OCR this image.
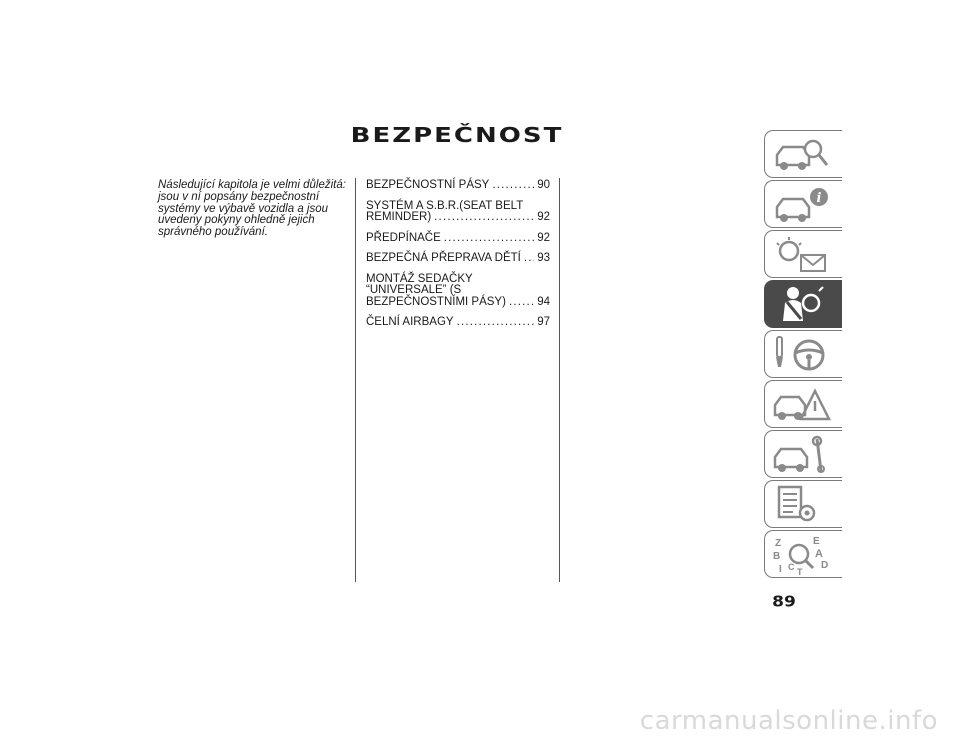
BEZPEČNOST
Následující kapitola je velmi důležitá: jsou v ní popsány bezpečnostní systémy ve výbavě vozidla a jsou uvedeny pokyny ohledně jejich správného používání.
BEZPEČNOSTNÍ PÁSY . . .	90
SYSTÉM A S.B.R.(SEAT BELT
REMINDER) . . .	92
PŘEDPÍNAČE . . .	92
BEZPEČNÁ PŘEPRAVA DĚTÍ . . . 93
MONTÁŽ SEDAČKY
“UNIVERSALE” (S
BEZPEČNOSTNÍMI PÁSY) . . .	94
ČELNÍ AIRBAGY . . .	97
i
Z	E
B	A
I C T
D
89
carmanualsonline.info
